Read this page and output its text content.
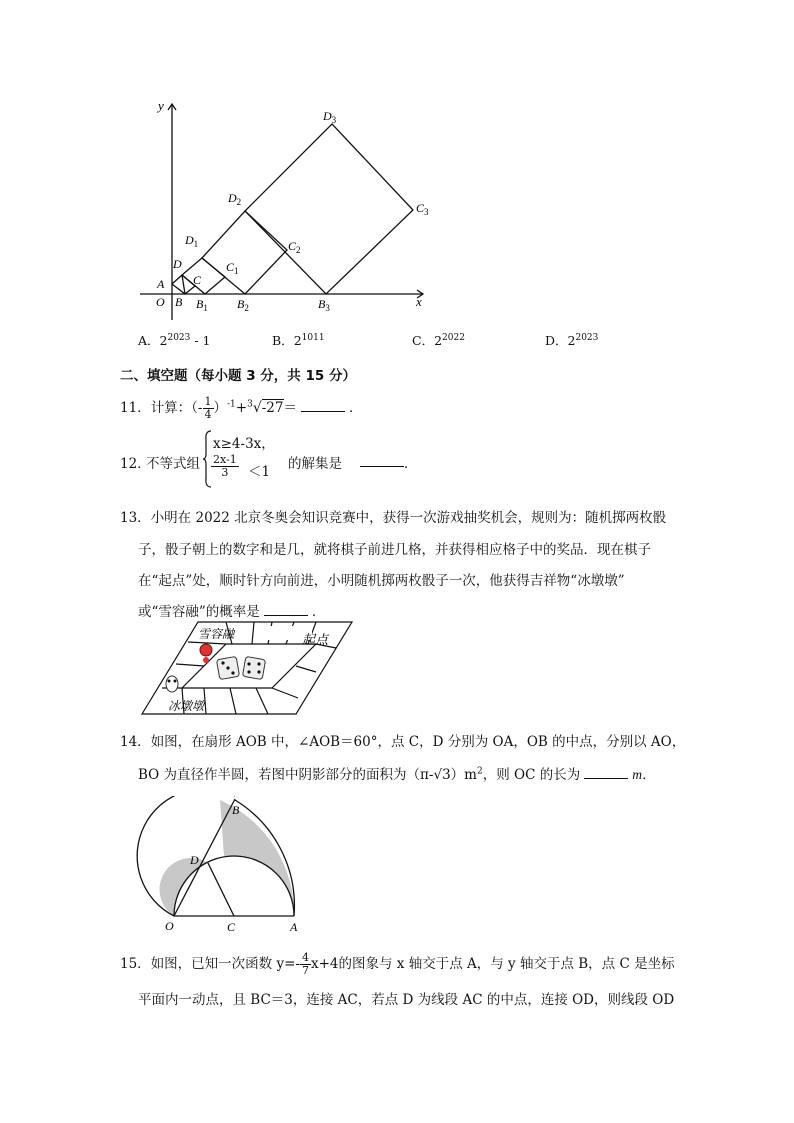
y
x
A
O B $B_1$ $B_2$	$B_3$
C
$C_1$
$C_2$
$C_3$
D
$D_1$
$D_2$
$D_3$
A．$2^{2023} - 1$	B．$2^{1011}$	C．$2^{2022}$	D．$2^{2023}$
二、填空题（每小题 3 分，共 15 分）
11．计算：（- $\frac{1}{4} )^{-1}+^3√-27=$	．
12．
不等式组
x≥4-3x，
$\frac{2x-1}{3} <1$ 的解集是	．
13．小明在 2022 北京冬奥会知识竞赛中，获得一次游戏抽奖机会，规则为：随机掷两枚骰
子，骰子朝上的数字和是几，就将棋子前进几格，并获得相应格子中的奖品．现在棋子
在“起点”处，顺时针方向前进，小明随机掷两枚骰子一次，他获得吉祥物“冰墩墩”
或“雪容融”的概率是	．
起点
雪容融
冰墩墩
14．如图，在扇形 AOB 中，∠AOB＝60°，点 C，D 分别为 OA，OB 的中点，分别以 AO，
BO 为直径作半圆，若图中阴影部分的面积为$(\pi-√3)m^2$，则 OC 的长为	m．
B
D
O	C	A
15．如图，已知一次函数 $y=- \frac{4}{7} x+4$的图象与 x 轴交于点 A，与 y 轴交于点 B，点 C 是坐标
平面内一动点，且 BC＝3，连接 AC，若点 D 为线段 AC 的中点，连接 OD，则线段 OD
